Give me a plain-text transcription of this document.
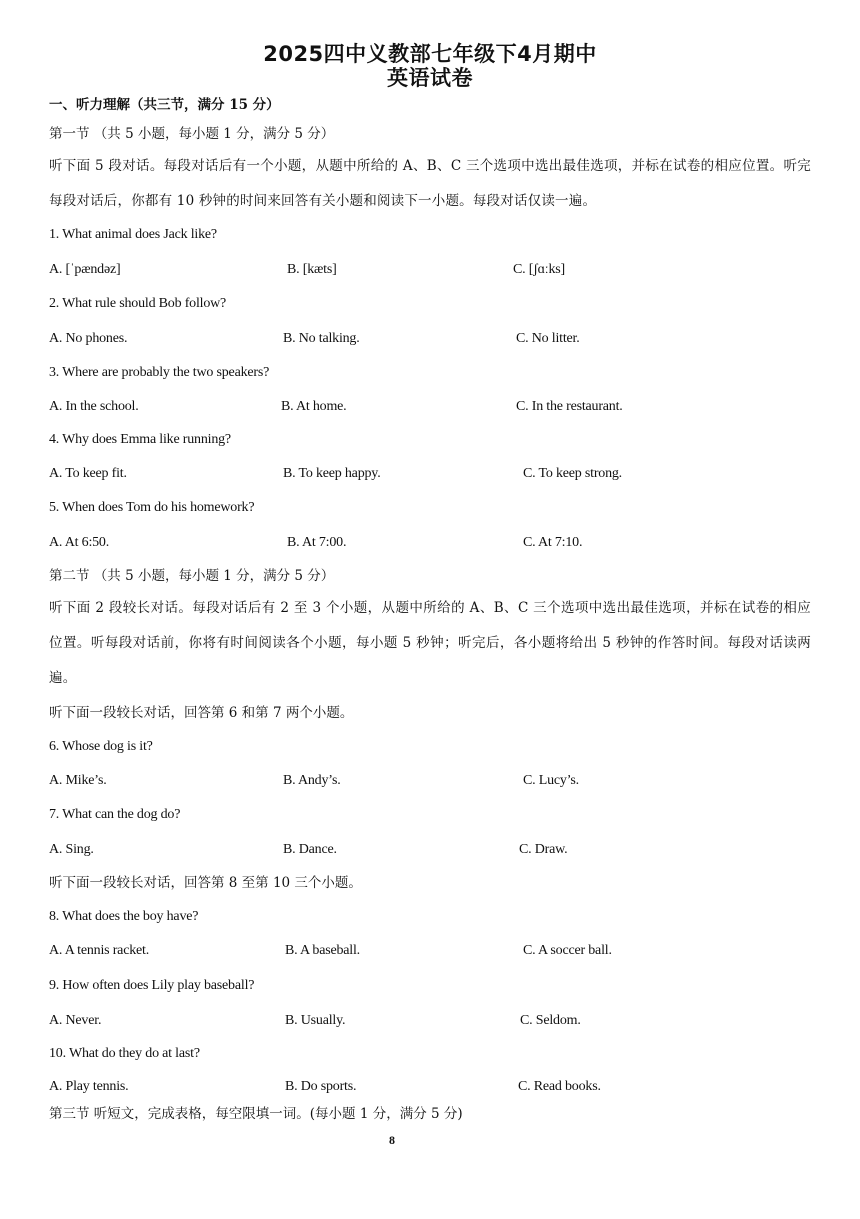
2025四中义教部七年级下4月期中
英语试卷
一、听力理解（共三节，满分 15 分）
第一节 （共 5 小题，每小题 1 分，满分 5 分）
听下面 5 段对话。每段对话后有一个小题，从题中所给的 A、B、C 三个选项中选出最佳选项，并标在试卷的相应位置。听完每段对话后，你都有 10 秒钟的时间来回答有关小题和阅读下一小题。每段对话仅读一遍。
1. What animal does Jack like?
A. [ˈpændəz]	B. [kæts]	C. [ʃɑːks]
2. What rule should Bob follow?
A. No phones.	B. No talking.	C. No litter.
3. Where are probably the two speakers?
A. In the school.	B. At home.	C. In the restaurant.
4. Why does Emma like running?
A. To keep fit.	B. To keep happy.	C. To keep strong.
5. When does Tom do his homework?
A. At 6:50.	B. At 7:00.	C. At 7:10.
第二节 （共 5 小题，每小题 1 分，满分 5 分）
听下面 2 段较长对话。每段对话后有 2 至 3 个小题，从题中所给的 A、B、C 三个选项中选出最佳选项，并标在试卷的相应位置。听每段对话前，你将有时间阅读各个小题，每小题 5 秒钟；听完后，各小题将给出 5 秒钟的作答时间。每段对话读两遍。
听下面一段较长对话，回答第 6 和第 7 两个小题。
6. Whose dog is it?
A. Mike’s.	B. Andy’s.	C. Lucy’s.
7. What can the dog do?
A. Sing.	B. Dance.	C. Draw.
听下面一段较长对话，回答第 8 至第 10 三个小题。
8. What does the boy have?
A. A tennis racket.	B. A baseball.	C. A soccer ball.
9. How often does Lily play baseball?
A. Never.	B. Usually.	C. Seldom.
10. What do they do at last?
A. Play tennis.	B. Do sports.	C. Read books.
第三节 听短文，完成表格，每空限填一词。(每小题 1 分，满分 5 分)
8
